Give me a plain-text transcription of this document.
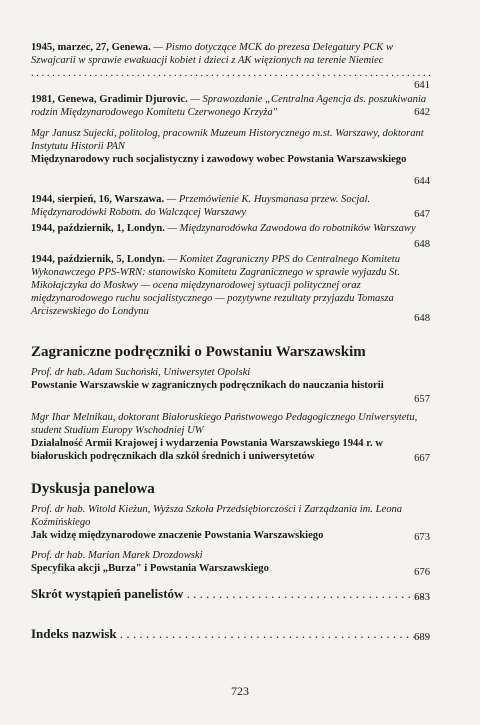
1945, marzec, 27, Genewa. — Pismo dotyczące MCK do prezesa Delegatury PCK w Szwajcarii w sprawie ewakuacji kobiet i dzieci z AK więzionych na terenie Niemiec . . .
641
1981, Genewa, Gradimir Djurovic. — Sprawozdanie „Centralna Agencja ds. poszukiwania rodzin Międzynarodowego Komitetu Czerwonego Krzyża"	642
Mgr Janusz Sujecki, politolog, pracownik Muzeum Historycznego m.st. Warszawy, doktorant Instytutu Historii PAN
Międzynarodowy ruch socjalistyczny i zawodowy wobec Powstania Warszawskiego
644
1944, sierpień, 16, Warszawa. — Przemówienie K. Huysmanasa przew. Socjal. Międzynarodówki Robotn. do Walczącej Warszawy	647
1944, październik, 1, Londyn. — Międzynarodówka Zawodowa do robotników Warszawy
648
1944, październik, 5, Londyn. — Komitet Zagraniczny PPS do Centralnego Komitetu Wykonawczego PPS-WRN: stanowisko Komitetu Zagranicznego w sprawie wyjazdu St. Mikołajczyka do Moskwy — ocena międzynarodowej sytuacji politycznej oraz międzynarodowego ruchu socjalistycznego — pozytywne rezultaty przyjazdu Tomasza Arciszewskiego do Londynu
648
Zagraniczne podręczniki o Powstaniu Warszawskim
Prof. dr hab. Adam Suchoński, Uniwersytet Opolski
Powstanie Warszawskie w zagranicznych podręcznikach do nauczania historii
657
Mgr Ihar Melnikau, doktorant Białoruskiego Państwowego Pedagogicznego Uniwersytetu, student Studium Europy Wschodniej UW
Działalność Armii Krajowej i wydarzenia Powstania Warszawskiego 1944 r. w białoruskich podręcznikach dla szkół średnich i uniwersytetów	667
Dyskusja panelowa
Prof. dr hab. Witold Kieżun, Wyższa Szkoła Przedsiębiorczości i Zarządzania im. Leona Koźmińskiego
Jak widzę międzynarodowe znaczenie Powstania Warszawskiego	673
Prof. dr hab. Marian Marek Drozdowski
Specyfika akcji „Burza" i Powstania Warszawskiego	676
Skrót wystąpień panelistów . . .	683
Indeks nazwisk . . .	689
723
